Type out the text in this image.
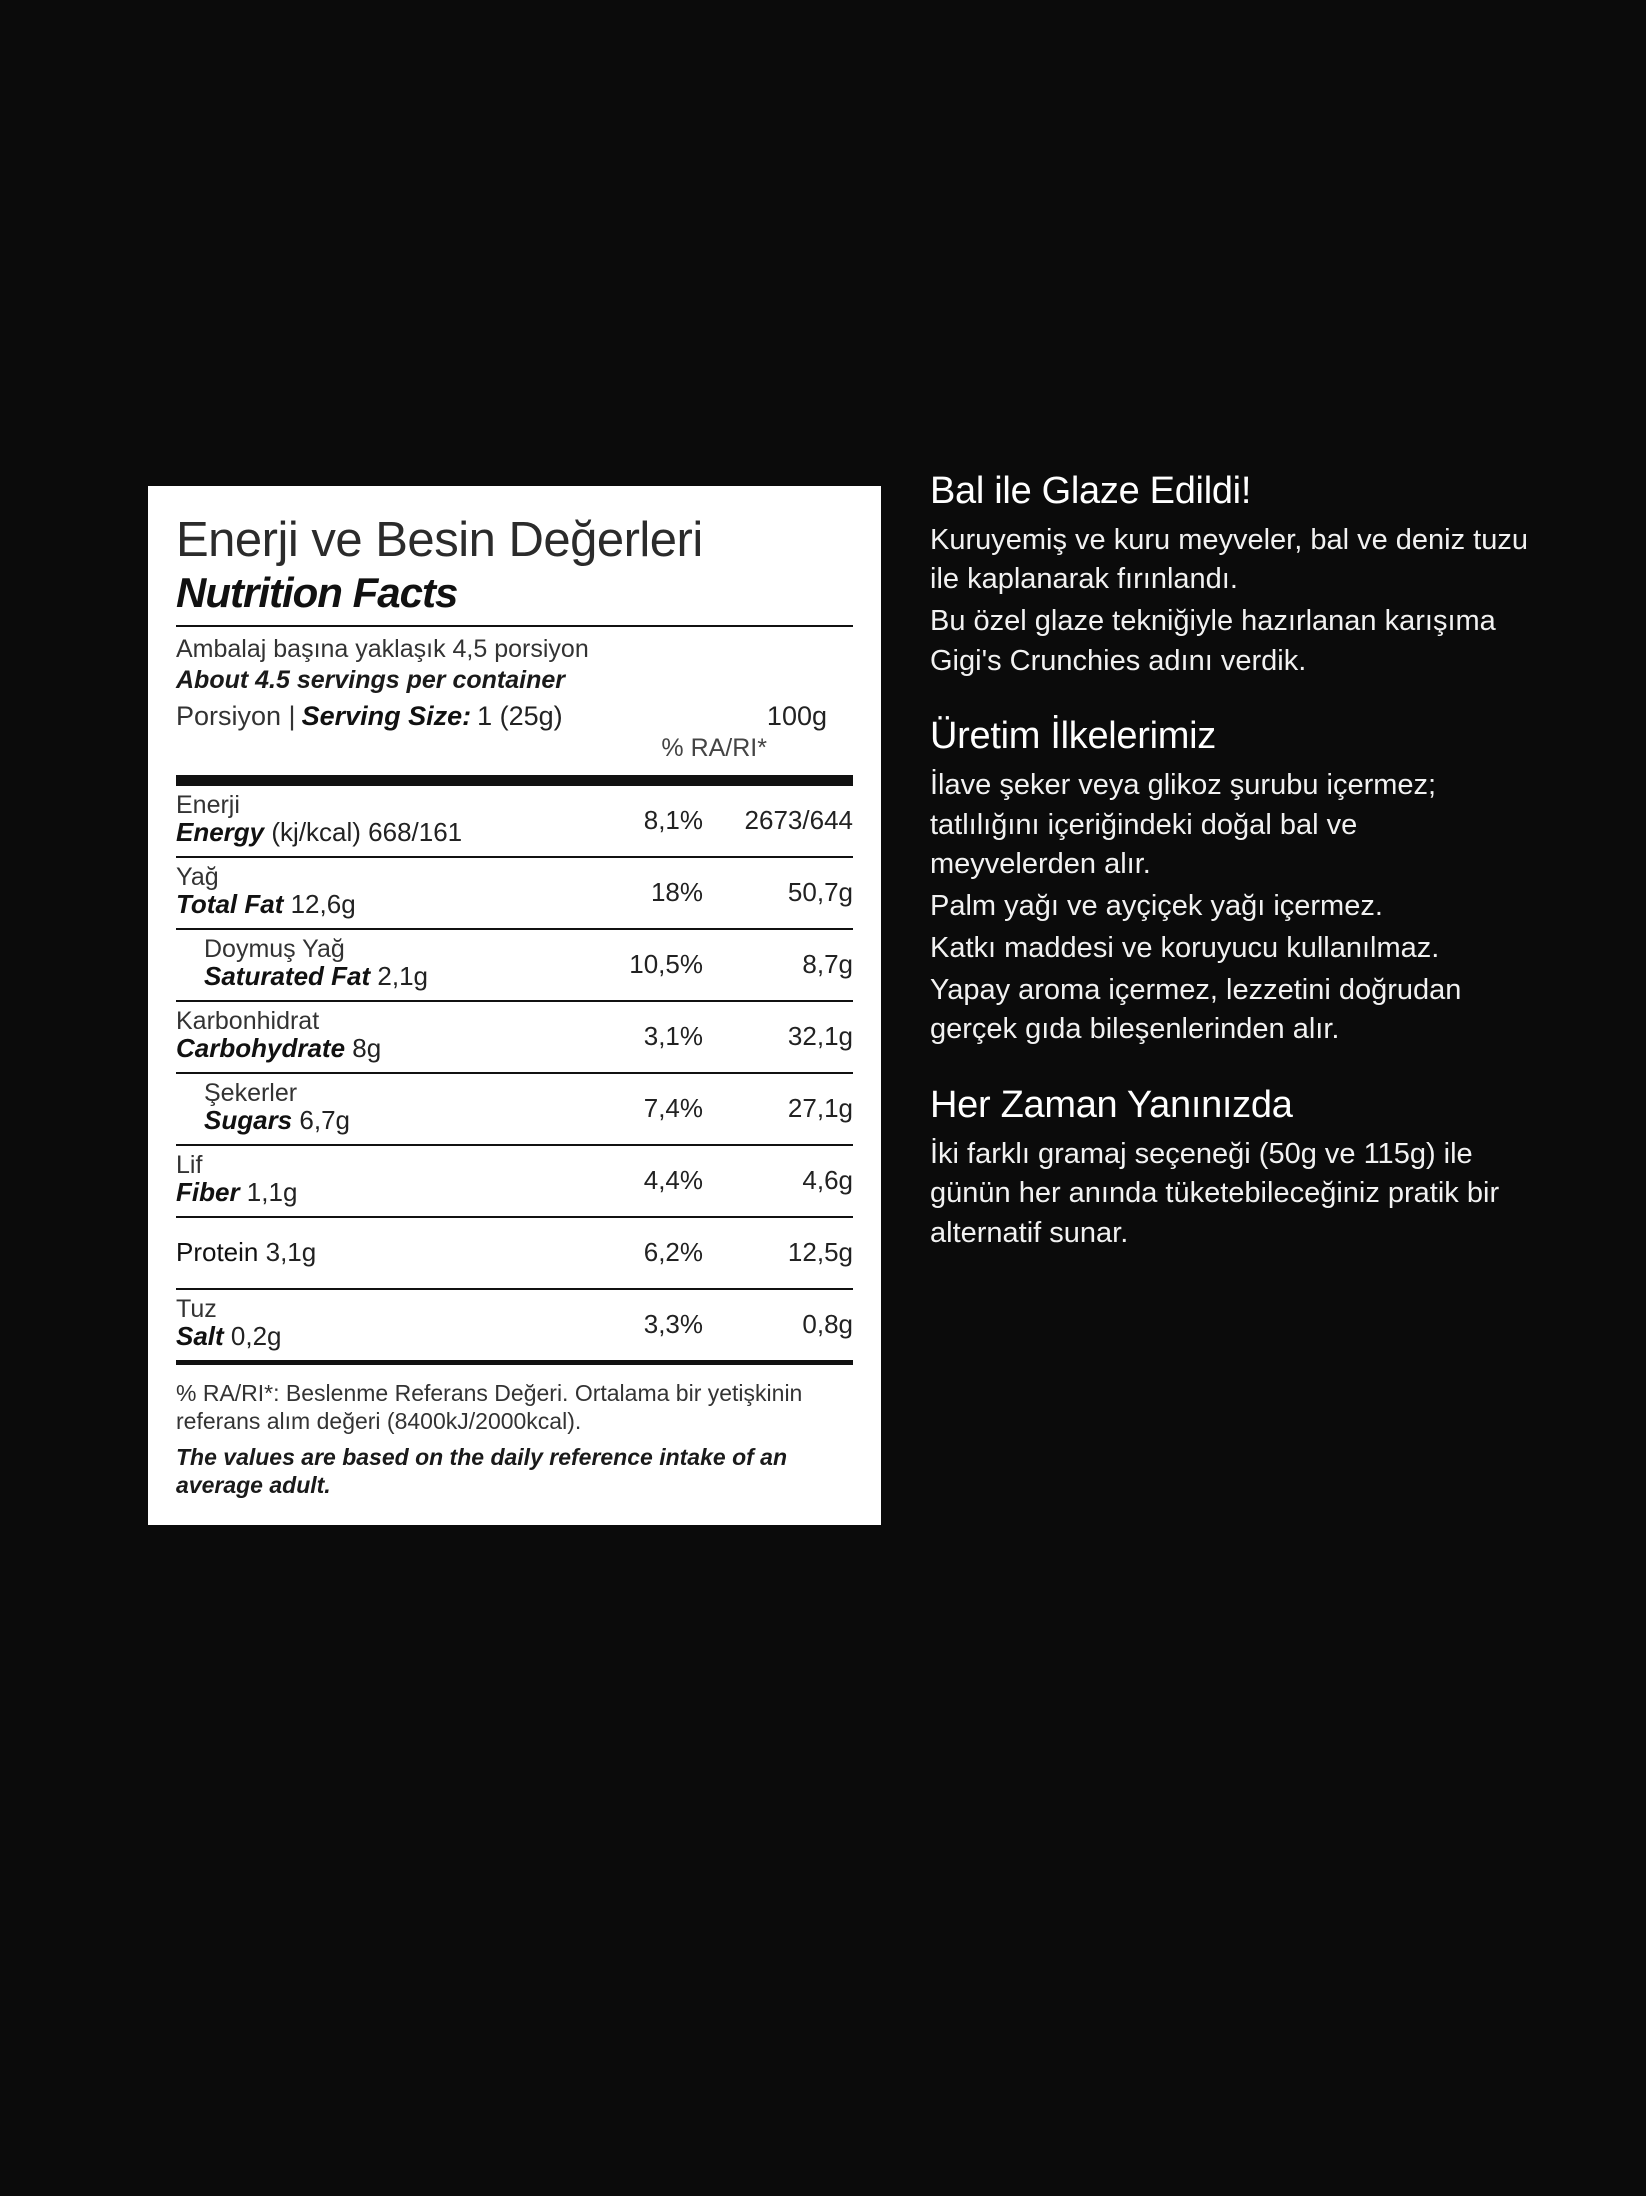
Enerji ve Besin Değerleri
Nutrition Facts
Ambalaj başına yaklaşık 4,5 porsiyon
About 4.5 servings per container
Porsiyon | Serving Size: 1 (25g)	100g
% RA/RI*
Enerji
Energy (kj/kcal) 668/161	8,1%	2673/644
Yağ
Total Fat 12,6g	18%	50,7g
Doymuş Yağ
Saturated Fat 2,1g	10,5%	8,7g
Karbonhidrat
Carbohydrate 8g	3,1%	32,1g
Şekerler
Sugars 6,7g	7,4%	27,1g
Lif
Fiber 1,1g	4,4%	4,6g
Protein 3,1g	6,2%	12,5g
Tuz
Salt 0,2g	3,3%	0,8g
% RA/RI*: Beslenme Referans Değeri. Ortalama bir yetişkinin referans alım değeri (8400kJ/2000kcal).
The values are based on the daily reference intake of an average adult.
Bal ile Glaze Edildi!

Kuruyemiş ve kuru meyveler, bal ve deniz tuzu ile kaplanarak fırınlandı.

Bu özel glaze tekniğiyle hazırlanan karışıma Gigi's Crunchies adını verdik.

Üretim İlkelerimiz

İlave şeker veya glikoz şurubu içermez; tatlılığını içeriğindeki doğal bal ve meyvelerden alır.

Palm yağı ve ayçiçek yağı içermez.

Katkı maddesi ve koruyucu kullanılmaz.

Yapay aroma içermez, lezzetini doğrudan gerçek gıda bileşenlerinden alır.

Her Zaman Yanınızda

İki farklı gramaj seçeneği (50g ve 115g) ile günün her anında tüketebileceğiniz pratik bir alternatif sunar.
